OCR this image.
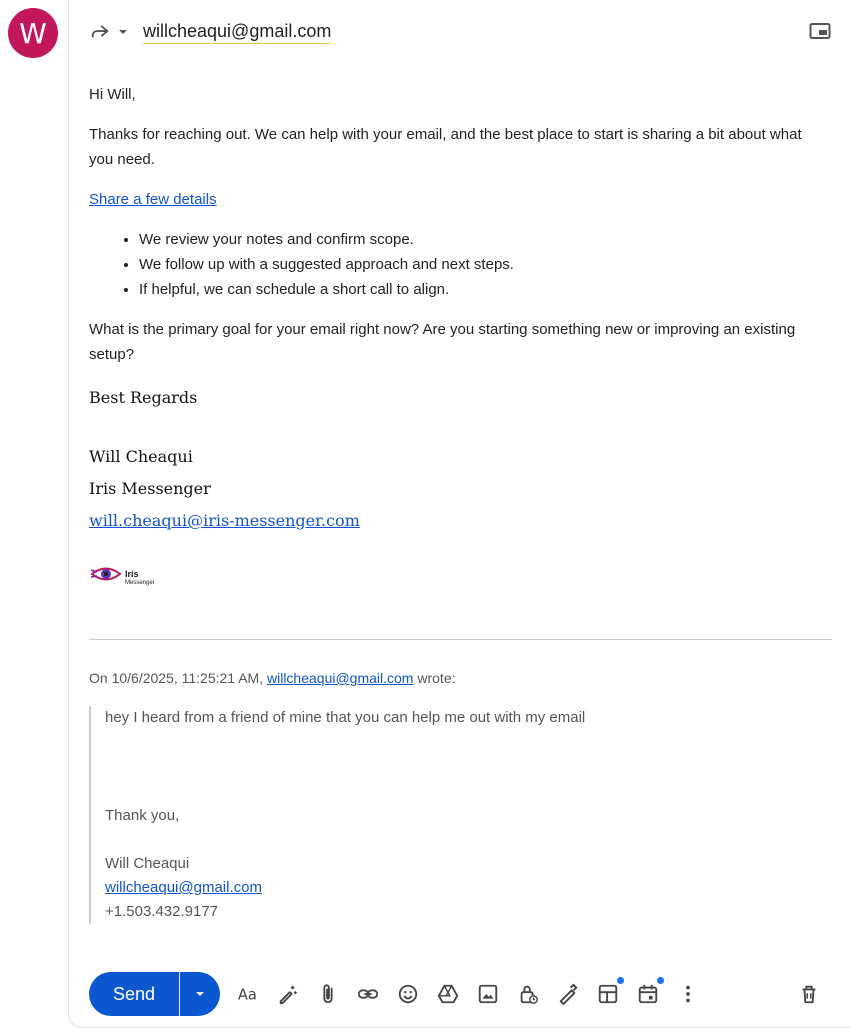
W	willcheaqui@gmail.com

Hi Will,

Thanks for reaching out. We can help with your email, and the best place to start is sharing a bit about what you need.

Share a few details

• We review your notes and confirm scope.
• We follow up with a suggested approach and next steps.
• If helpful, we can schedule a short call to align.

What is the primary goal for your email right now? Are you starting something new or improving an existing setup?

Best Regards
Will Cheaqui
Iris Messenger
will.cheaqui@iris-messenger.com
Iris
Messenger
On 10/6/2025, 11:25:21 AM, willcheaqui@gmail.com wrote:
hey I heard from a friend of mine that you can help me out with my email
Thank you,
Will Cheaqui
willcheaqui@gmail.com
+1.503.432.9177
Send	Aa
